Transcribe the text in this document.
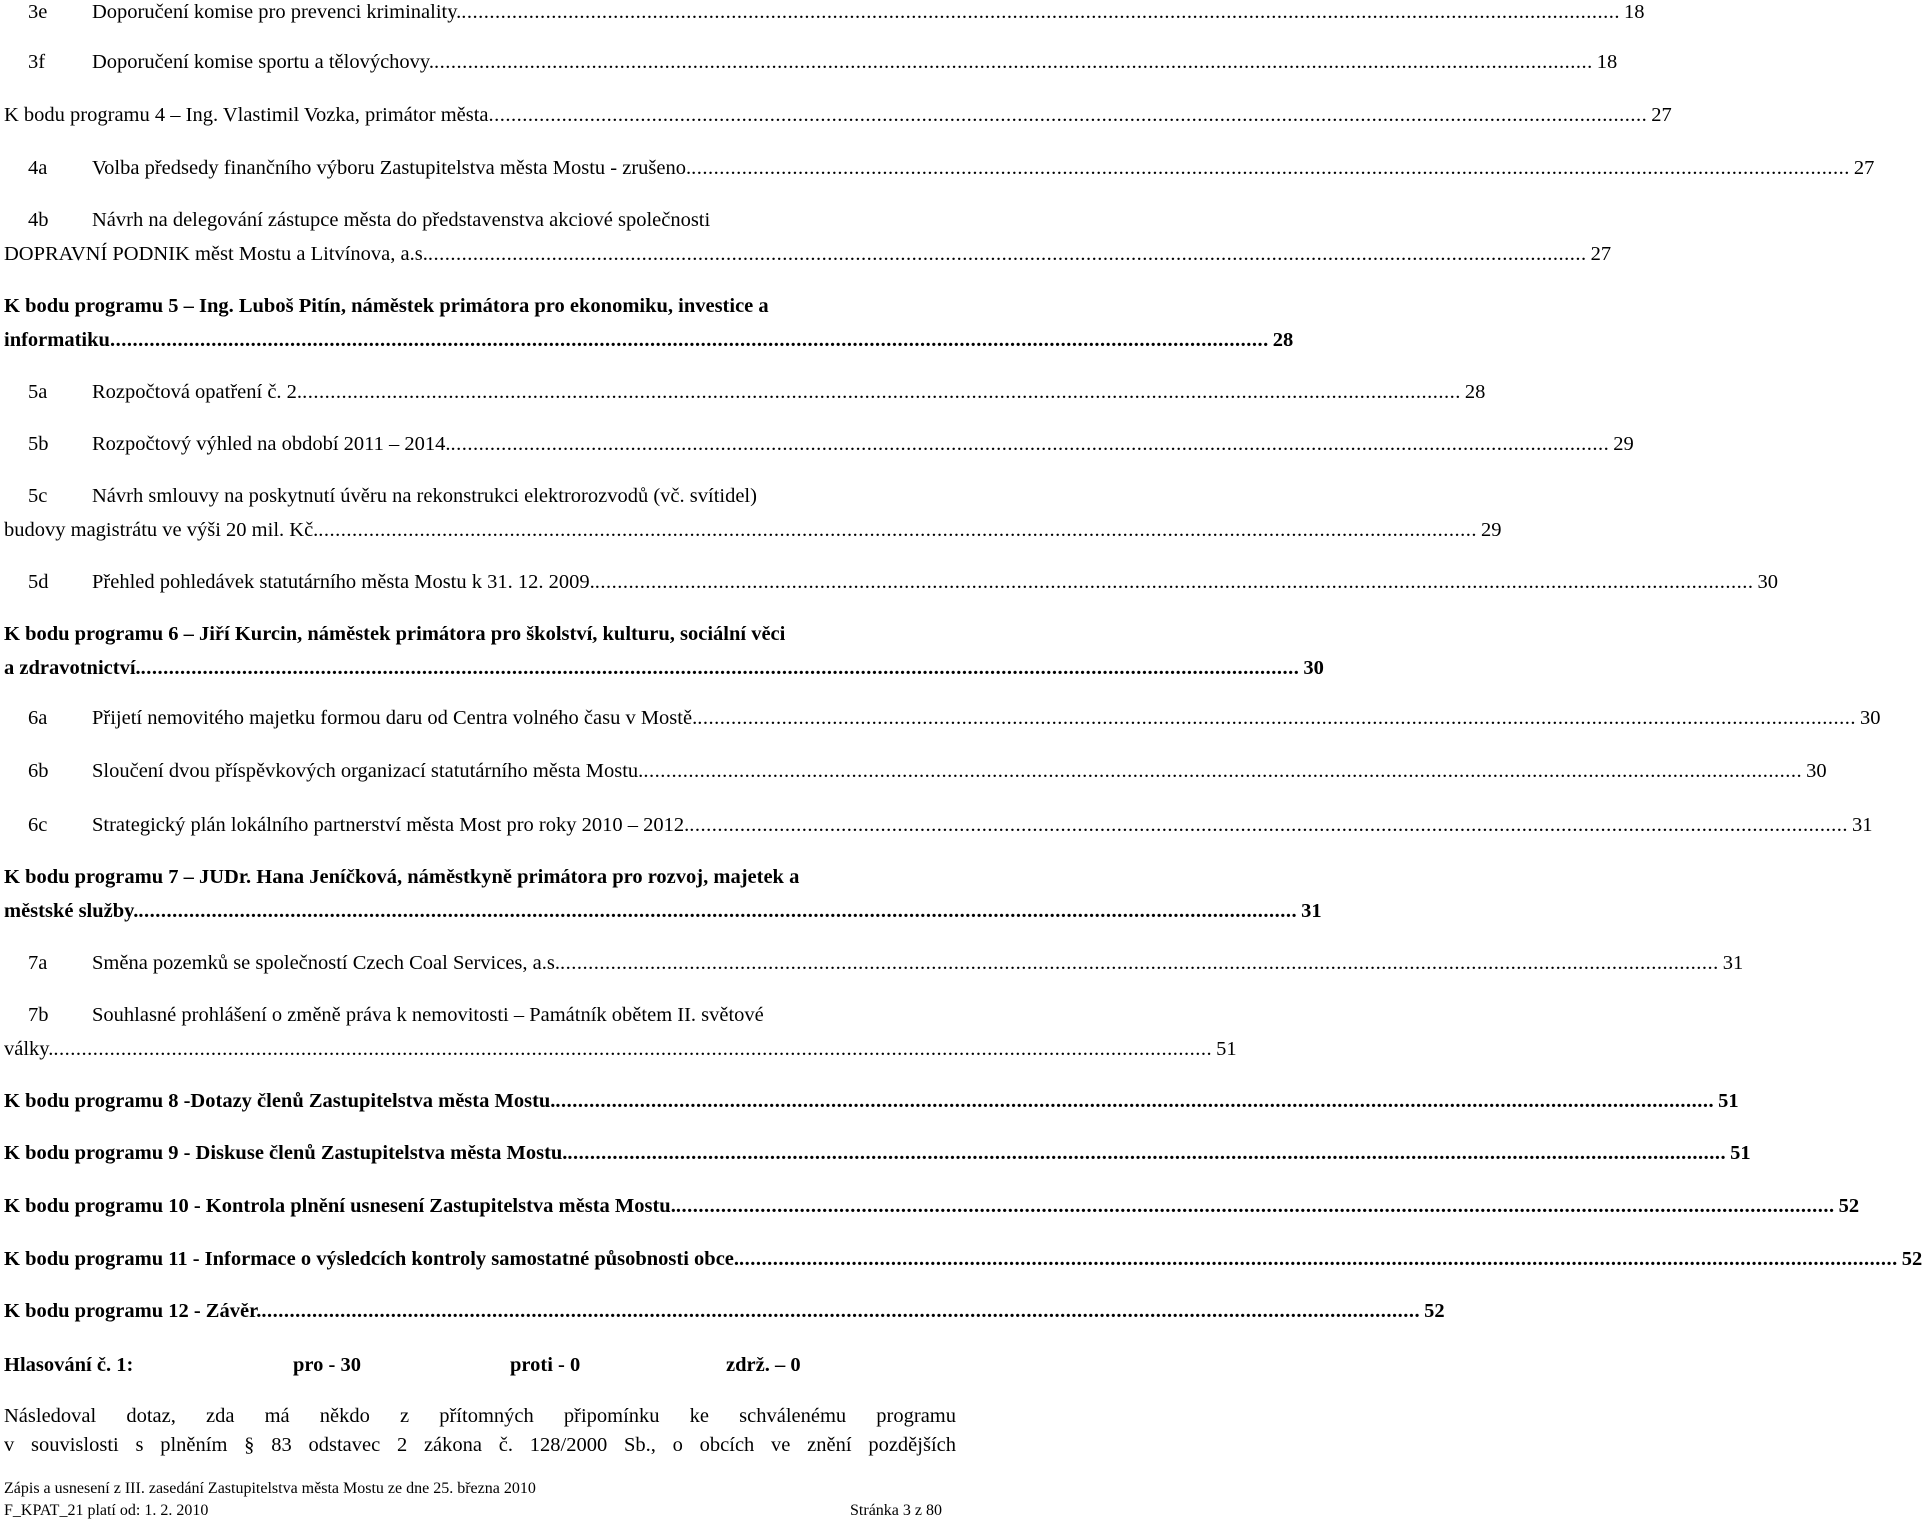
3e	Doporučení komise pro prevenci kriminality. .....	18
3f	Doporučení komise sportu a tělovýchovy. .....	18
K bodu programu 4 – Ing. Vlastimil Vozka, primátor města .....	27
4a	Volba předsedy finančního výboru Zastupitelstva města Mostu - zrušeno. .....	27
4b	Návrh na delegování zástupce města do představenstva akciové společnosti
DOPRAVNÍ PODNIK měst Mostu a Litvínova, a.s. .....	27
K bodu programu 5 – Ing. Luboš Pitín, náměstek primátora pro ekonomiku, investice a
informatiku .....	28
5a	Rozpočtová opatření č. 2. .....	28
5b	Rozpočtový výhled na období 2011 – 2014. .....	29
5c	Návrh smlouvy na poskytnutí úvěru na rekonstrukci elektrorozvodů (vč. svítidel)
budovy magistrátu ve výši 20 mil. Kč. .....	29
5d	Přehled pohledávek statutárního města Mostu k 31. 12. 2009. .....	30
K bodu programu 6 – Jiří Kurcin, náměstek primátora pro školství, kulturu, sociální věci
a zdravotnictví. .....	30
6a	Přijetí nemovitého majetku formou daru od Centra volného času v Mostě. .....	30
6b	Sloučení dvou příspěvkových organizací statutárního města Mostu. .....	30
6c	Strategický plán lokálního partnerství města Most pro roky 2010 – 2012. .....	31
K bodu programu 7 – JUDr. Hana Jeníčková, náměstkyně primátora pro rozvoj, majetek a
městské služby. .....	31
7a	Směna pozemků se společností Czech Coal Services, a.s. .....	31
7b	Souhlasné prohlášení o změně práva k nemovitosti – Památník obětem II. světové
války. .....	51
K bodu programu 8 -Dotazy členů Zastupitelstva města Mostu. .....	51
K bodu programu 9 - Diskuse členů Zastupitelstva města Mostu. .....	51
K bodu programu 10 - Kontrola plnění usnesení Zastupitelstva města Mostu. .....	52
K bodu programu 11 - Informace o výsledcích kontroly samostatné působnosti obce. .....	52
K bodu programu 12 - Závěr. .....	52
Hlasování č. 1:	pro - 30	proti - 0	zdrž. – 0
Následoval dotaz, zda má někdo z přítomných připomínku ke schválenému programu
v souvislosti s plněním § 83 odstavec 2 zákona č. 128/2000 Sb., o obcích ve znění pozdějších
Zápis a usnesení z III. zasedání Zastupitelstva města Mostu ze dne 25. března 2010
F_KPAT_21 platí od: 1. 2. 2010	Stránka 3 z 80
